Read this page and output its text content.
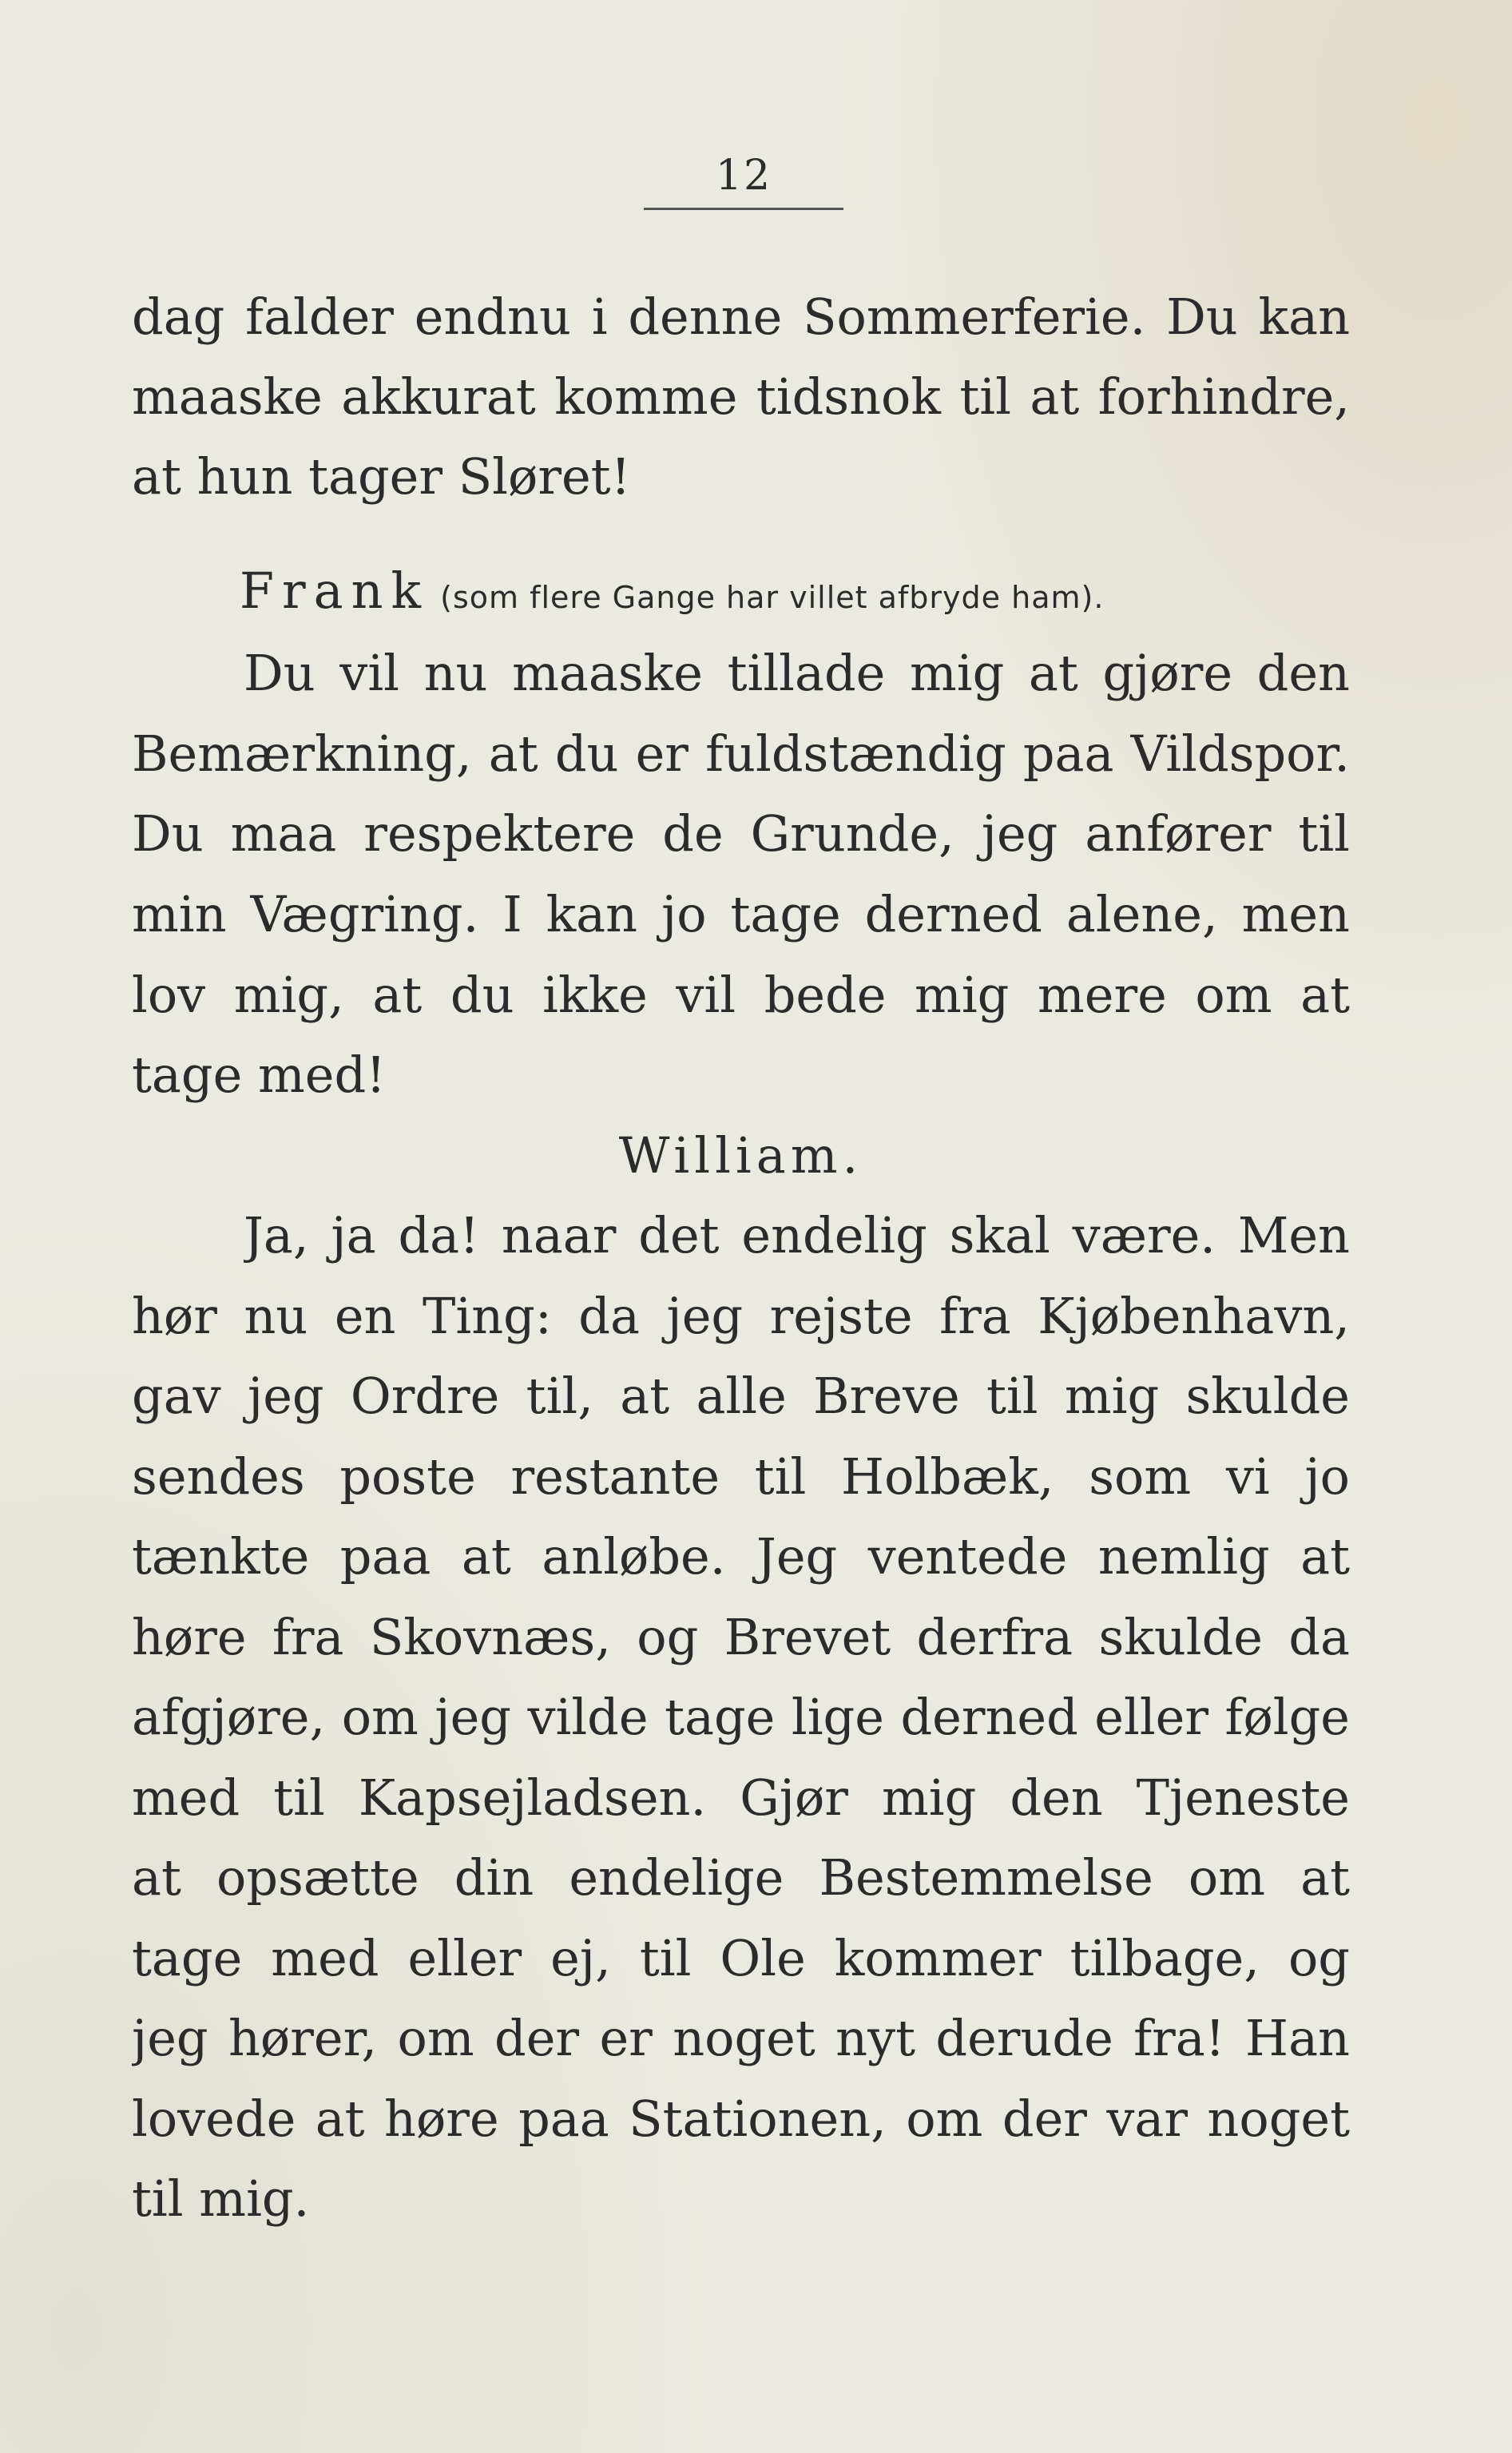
12
dag falder endnu i denne Sommerferie. Du kan
maaske akkurat komme tidsnok til at forhindre,
at hun tager Sløret!
Frank (som flere Gange har villet afbryde ham).
Du vil nu maaske tillade mig at gjøre den
Bemærkning, at du er fuldstændig paa Vildspor.
Du maa respektere de Grunde, jeg anfører til
min Vægring. I kan jo tage derned alene, men
lov mig, at du ikke vil bede mig mere om at
tage med!
William.
Ja, ja da! naar det endelig skal være. Men
hør nu en Ting: da jeg rejste fra Kjøbenhavn,
gav jeg Ordre til, at alle Breve til mig skulde
sendes poste restante til Holbæk, som vi jo
tænkte paa at anløbe. Jeg ventede nemlig at
høre fra Skovnæs, og Brevet derfra skulde da
afgjøre, om jeg vilde tage lige derned eller følge
med til Kapsejladsen. Gjør mig den Tjeneste
at opsætte din endelige Bestemmelse om at
tage med eller ej, til Ole kommer tilbage, og
jeg hører, om der er noget nyt derude fra! Han
lovede at høre paa Stationen, om der var noget
til mig.
